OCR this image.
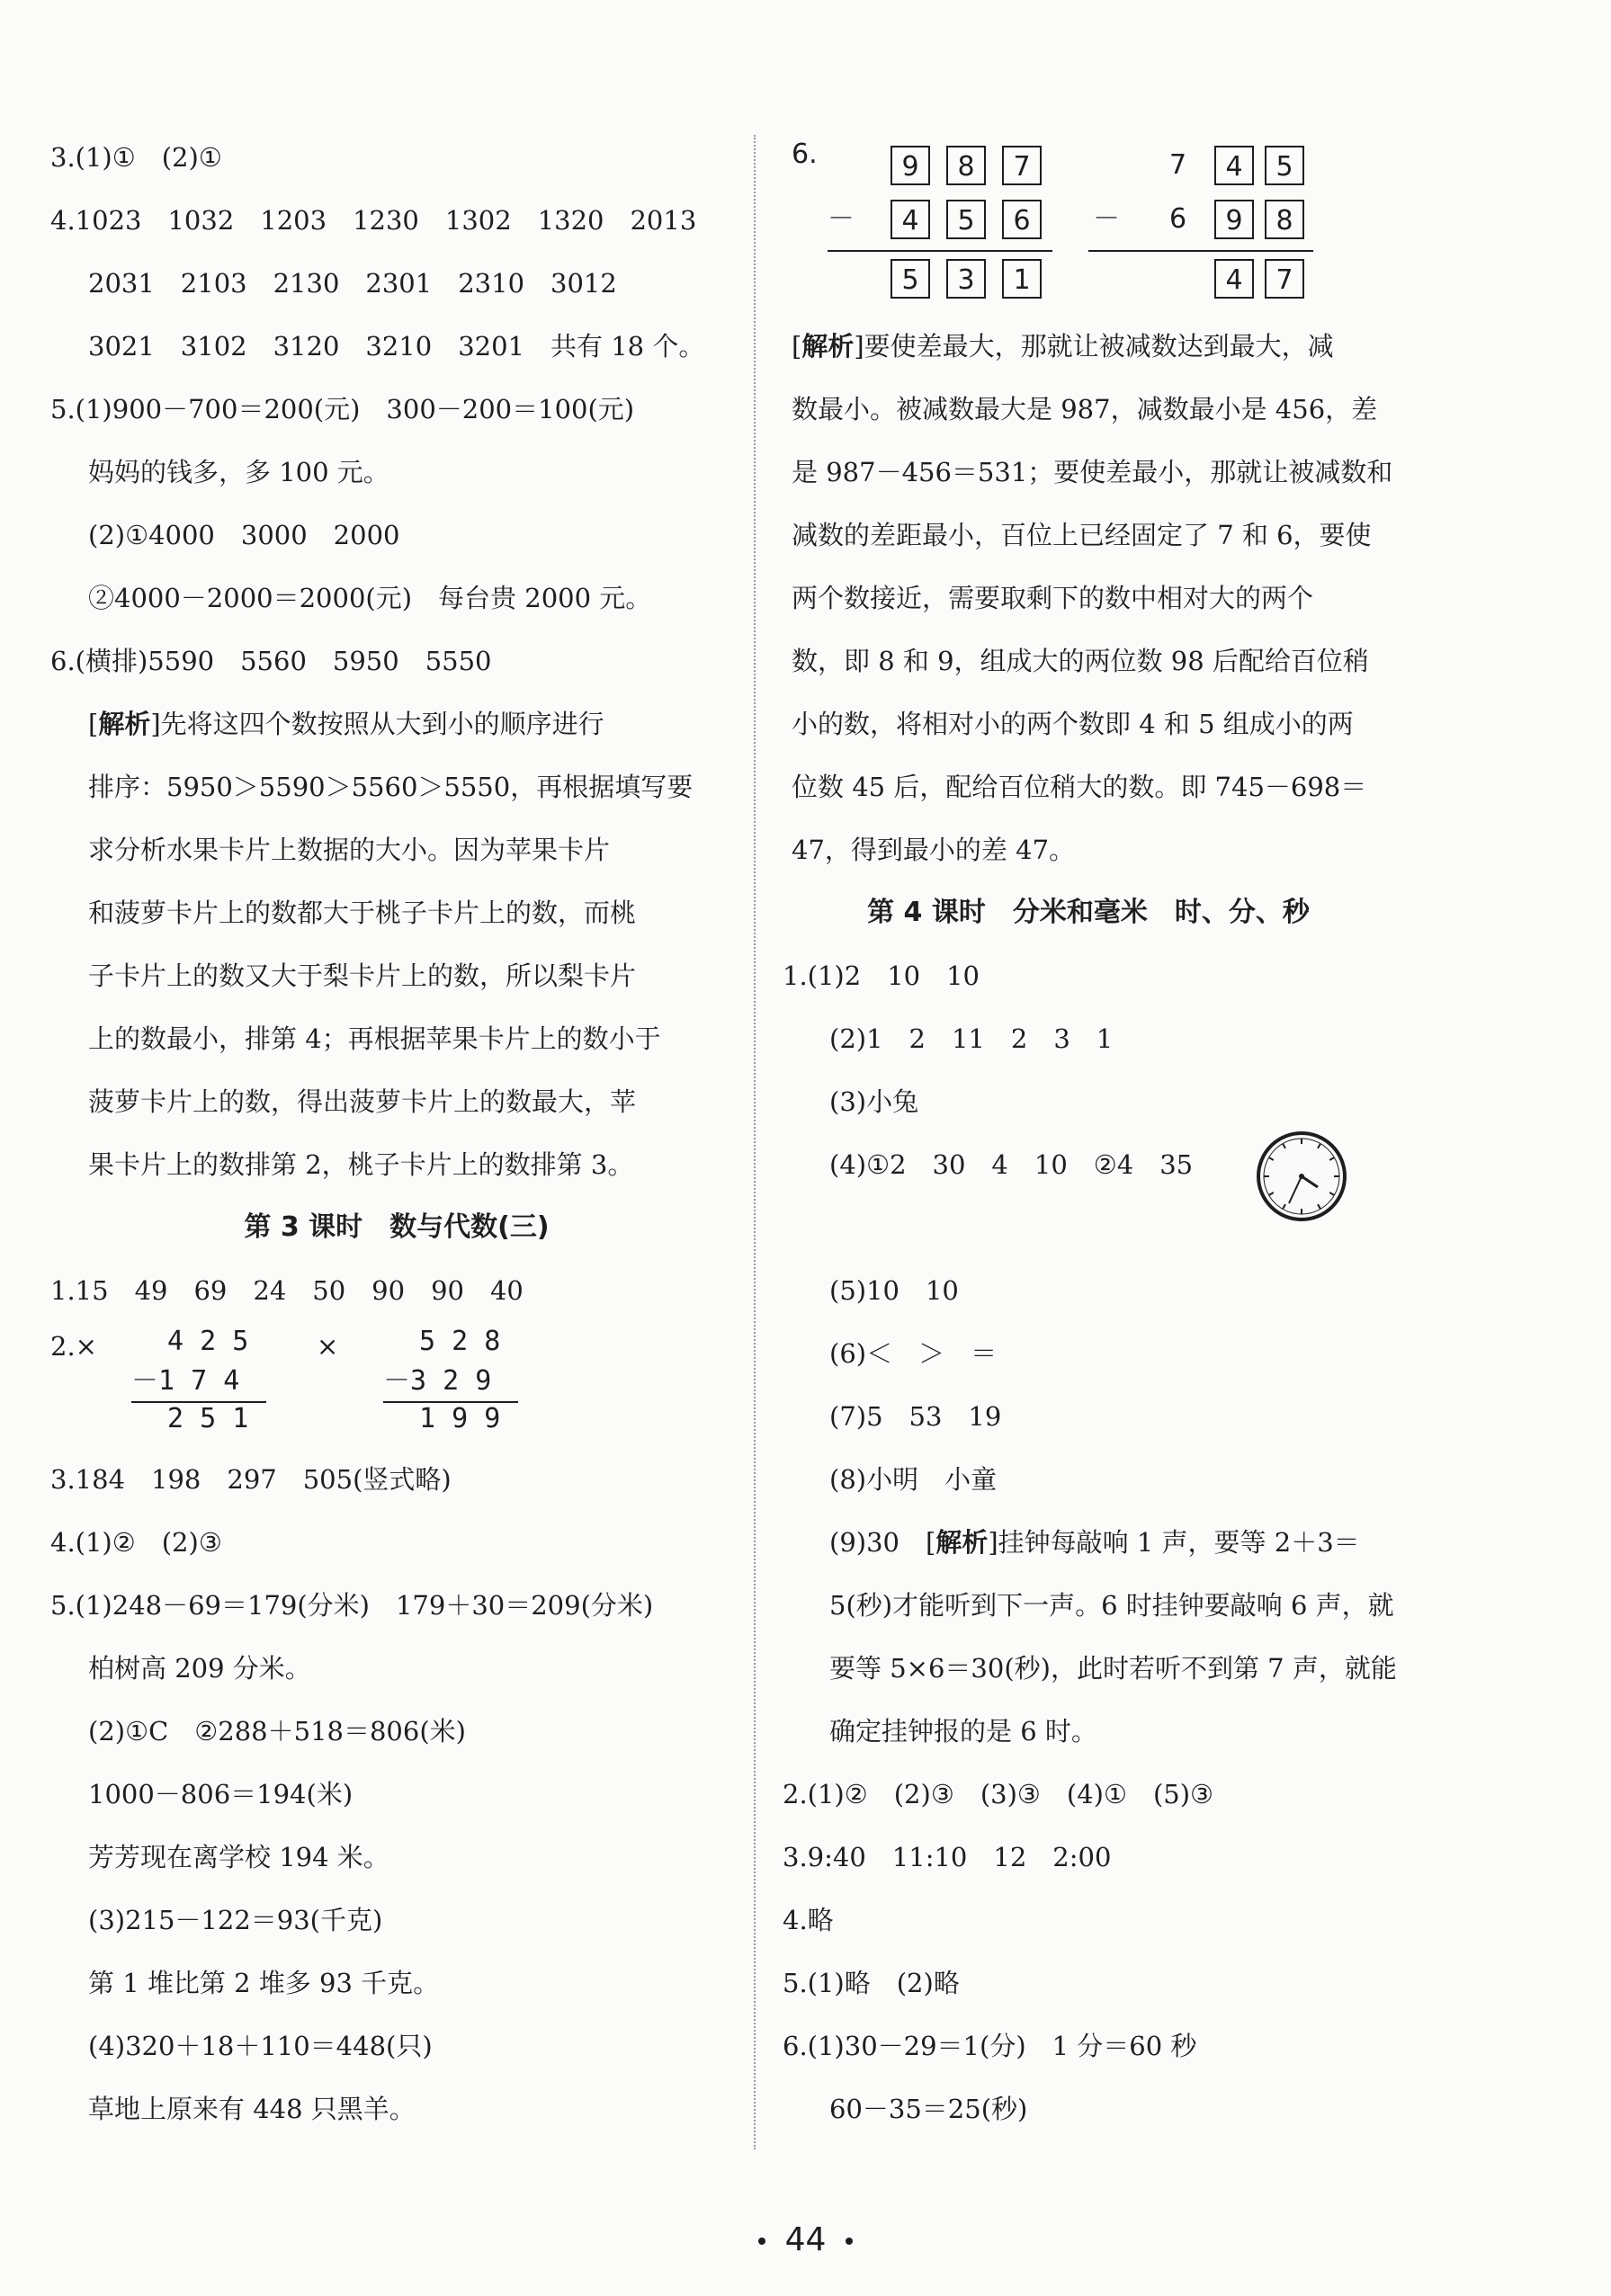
3.(1)①　(2)①
4.1023　1032　1203　1230　1302　1320　2013
2031　2103　2130　2301　2310　3012
3021　3102　3120　3210　3201　共有 18 个。
5.(1)900－700＝200(元)　300－200＝100(元)
妈妈的钱多，多 100 元。
(2)①4000　3000　2000
②4000－2000＝2000(元)　每台贵 2000 元。
6.(横排)5590　5560　5950　5550
[解析]先将这四个数按照从大到小的顺序进行
排序：5950＞5590＞5560＞5550，再根据填写要
求分析水果卡片上数据的大小。因为苹果卡片
和菠萝卡片上的数都大于桃子卡片上的数，而桃
子卡片上的数又大于梨卡片上的数，所以梨卡片
上的数最小，排第 4；再根据苹果卡片上的数小于
菠萝卡片上的数，得出菠萝卡片上的数最大，苹
果卡片上的数排第 2，桃子卡片上的数排第 3。
第 3 课时　数与代数(三)
1.15　49　69　24　50　90　90　40
2.×	4 2 5
－1 7 4
2 5 1
×	5 2 8
－3 2 9
1 9 9
3.184　198　297　505(竖式略)
4.(1)②　(2)③
5.(1)248－69＝179(分米)　179＋30＝209(分米)
柏树高 209 分米。
(2)①C　②288＋518＝806(米)
1000－806＝194(米)
芳芳现在离学校 194 米。
(3)215－122＝93(千克)
第 1 堆比第 2 堆多 93 千克。
(4)320＋18＋110＝448(只)
草地上原来有 448 只黑羊。
6.	9	8	7
－	4	5	6
5	3	1
7	4	5
－ 6	9	8
4	7
[解析]要使差最大，那就让被减数达到最大，减
数最小。被减数最大是 987，减数最小是 456，差
是 987－456＝531；要使差最小，那就让被减数和
减数的差距最小，百位上已经固定了 7 和 6，要使
两个数接近，需要取剩下的数中相对大的两个
数，即 8 和 9，组成大的两位数 98 后配给百位稍
小的数，将相对小的两个数即 4 和 5 组成小的两
位数 45 后，配给百位稍大的数。即 745－698＝
47，得到最小的差 47。
第 4 课时　分米和毫米　时、分、秒
1.(1)2　10　10
(2)1　2　11　2　3　1
(3)小兔
(4)①2　30　4　10　②4　35
(5)10　10
(6)＜　＞　＝
(7)5　53　19
(8)小明　小童
(9)30　[解析]挂钟每敲响 1 声，要等 2＋3＝
5(秒)才能听到下一声。6 时挂钟要敲响 6 声，就
要等 5×6＝30(秒)，此时若听不到第 7 声，就能
确定挂钟报的是 6 时。
2.(1)②　(2)③　(3)③　(4)①　(5)③
3.9:40　11:10　12　2:00
4.略
5.(1)略　(2)略
6.(1)30－29＝1(分)　1 分＝60 秒
60－35＝25(秒)
44
